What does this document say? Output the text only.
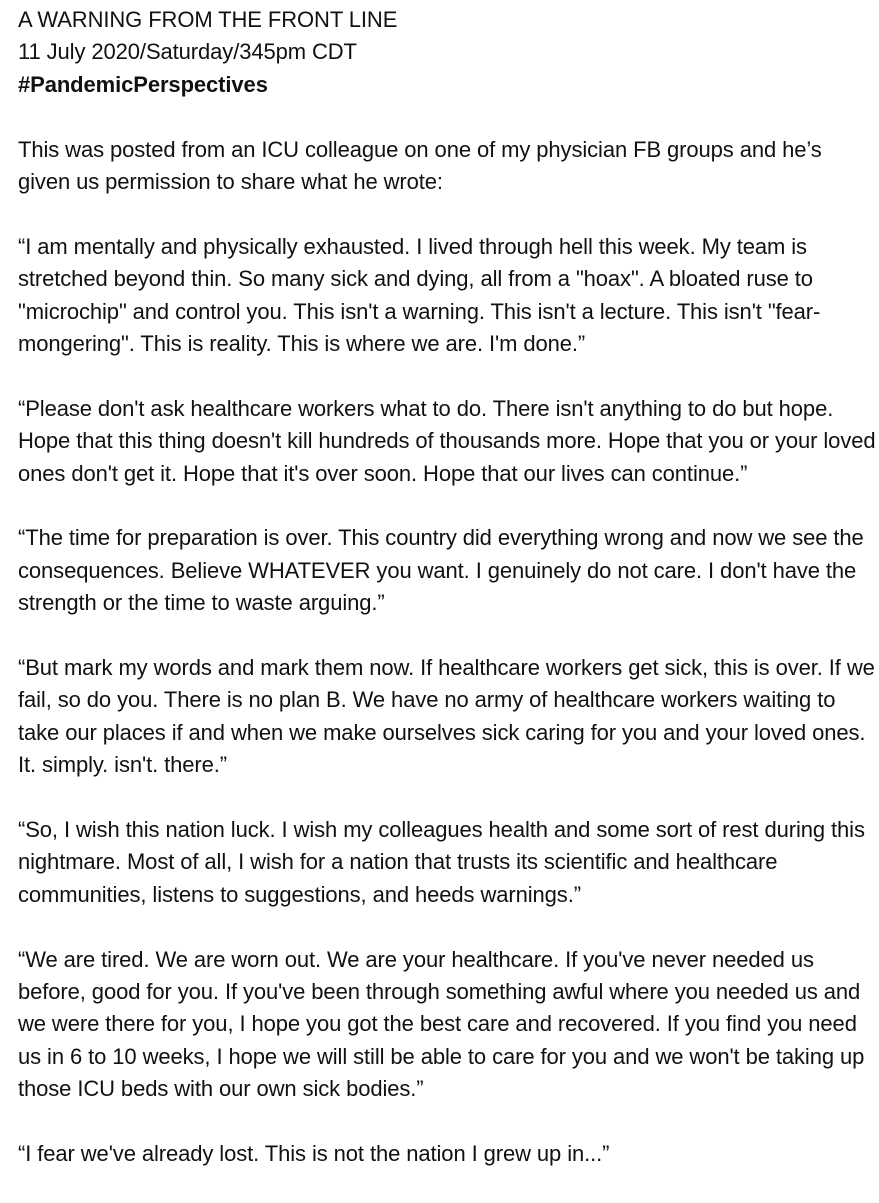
A WARNING FROM THE FRONT LINE

11 July 2020/Saturday/345pm CDT

#PandemicPerspectives

This was posted from an ICU colleague on one of my physician FB groups and he’s given us permission to share what he wrote:

“I am mentally and physically exhausted. I lived through hell this week. My team is stretched beyond thin. So many sick and dying, all from a "hoax". A bloated ruse to "microchip" and control you. This isn't a warning. This isn't a lecture. This isn't "fear-mongering". This is reality. This is where we are. I'm done.”

“Please don't ask healthcare workers what to do. There isn't anything to do but hope. Hope that this thing doesn't kill hundreds of thousands more. Hope that you or your loved ones don't get it. Hope that it's over soon. Hope that our lives can continue.”

“The time for preparation is over. This country did everything wrong and now we see the consequences. Believe WHATEVER you want. I genuinely do not care. I don't have the strength or the time to waste arguing.”

“But mark my words and mark them now. If healthcare workers get sick, this is over. If we fail, so do you. There is no plan B. We have no army of healthcare workers waiting to take our places if and when we make ourselves sick caring for you and your loved ones. It. simply. isn't. there.”

“So, I wish this nation luck. I wish my colleagues health and some sort of rest during this nightmare. Most of all, I wish for a nation that trusts its scientific and healthcare communities, listens to suggestions, and heeds warnings.”

“We are tired. We are worn out. We are your healthcare. If you've never needed us before, good for you. If you've been through something awful where you needed us and we were there for you, I hope you got the best care and recovered. If you find you need us in 6 to 10 weeks, I hope we will still be able to care for you and we won't be taking up those ICU beds with our own sick bodies.”

“I fear we've already lost. This is not the nation I grew up in...”
